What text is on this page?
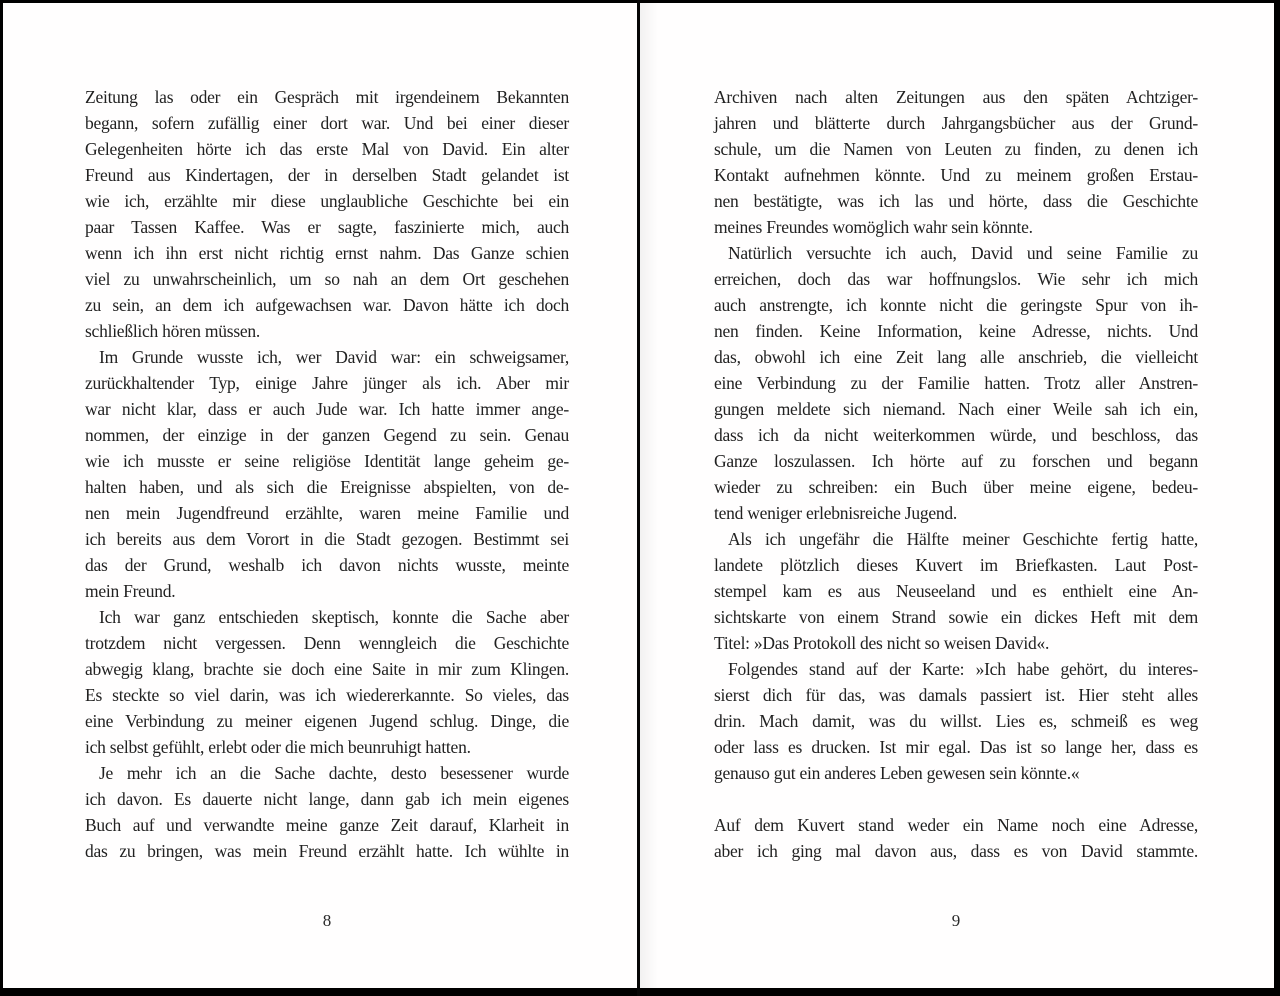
Zeitung las oder ein Gespräch mit irgendeinem Bekannten
begann, sofern zufällig einer dort war. Und bei einer dieser
Gelegenheiten hörte ich das erste Mal von David. Ein alter
Freund aus Kindertagen, der in derselben Stadt gelandet ist
wie ich, erzählte mir diese unglaubliche Geschichte bei ein
paar Tassen Kaffee. Was er sagte, faszinierte mich, auch
wenn ich ihn erst nicht richtig ernst nahm. Das Ganze schien
viel zu unwahrscheinlich, um so nah an dem Ort geschehen
zu sein, an dem ich aufgewachsen war. Davon hätte ich doch
schließlich hören müssen.
Im Grunde wusste ich, wer David war: ein schweigsamer,
zurückhaltender Typ, einige Jahre jünger als ich. Aber mir
war nicht klar, dass er auch Jude war. Ich hatte immer ange-
nommen, der einzige in der ganzen Gegend zu sein. Genau
wie ich musste er seine religiöse Identität lange geheim ge-
halten haben, und als sich die Ereignisse abspielten, von de-
nen mein Jugendfreund erzählte, waren meine Familie und
ich bereits aus dem Vorort in die Stadt gezogen. Bestimmt sei
das der Grund, weshalb ich davon nichts wusste, meinte
mein Freund.
Ich war ganz entschieden skeptisch, konnte die Sache aber
trotzdem nicht vergessen. Denn wenngleich die Geschichte
abwegig klang, brachte sie doch eine Saite in mir zum Klingen.
Es steckte so viel darin, was ich wiedererkannte. So vieles, das
eine Verbindung zu meiner eigenen Jugend schlug. Dinge, die
ich selbst gefühlt, erlebt oder die mich beunruhigt hatten.
Je mehr ich an die Sache dachte, desto besessener wurde
ich davon. Es dauerte nicht lange, dann gab ich mein eigenes
Buch auf und verwandte meine ganze Zeit darauf, Klarheit in
das zu bringen, was mein Freund erzählt hatte. Ich wühlte in
Archiven nach alten Zeitungen aus den späten Achtziger-
jahren und blätterte durch Jahrgangsbücher aus der Grund-
schule, um die Namen von Leuten zu finden, zu denen ich
Kontakt aufnehmen könnte. Und zu meinem großen Erstau-
nen bestätigte, was ich las und hörte, dass die Geschichte
meines Freundes womöglich wahr sein könnte.
Natürlich versuchte ich auch, David und seine Familie zu
erreichen, doch das war hoffnungslos. Wie sehr ich mich
auch anstrengte, ich konnte nicht die geringste Spur von ih-
nen finden. Keine Information, keine Adresse, nichts. Und
das, obwohl ich eine Zeit lang alle anschrieb, die vielleicht
eine Verbindung zu der Familie hatten. Trotz aller Anstren-
gungen meldete sich niemand. Nach einer Weile sah ich ein,
dass ich da nicht weiterkommen würde, und beschloss, das
Ganze loszulassen. Ich hörte auf zu forschen und begann
wieder zu schreiben: ein Buch über meine eigene, bedeu-
tend weniger erlebnisreiche Jugend.
Als ich ungefähr die Hälfte meiner Geschichte fertig hatte,
landete plötzlich dieses Kuvert im Briefkasten. Laut Post-
stempel kam es aus Neuseeland und es enthielt eine An-
sichtskarte von einem Strand sowie ein dickes Heft mit dem
Titel: »Das Protokoll des nicht so weisen David«.
Folgendes stand auf der Karte: »Ich habe gehört, du interes-
sierst dich für das, was damals passiert ist. Hier steht alles
drin. Mach damit, was du willst. Lies es, schmeiß es weg
oder lass es drucken. Ist mir egal. Das ist so lange her, dass es
genauso gut ein anderes Leben gewesen sein könnte.«
Auf dem Kuvert stand weder ein Name noch eine Adresse,
aber ich ging mal davon aus, dass es von David stammte.
8	9
